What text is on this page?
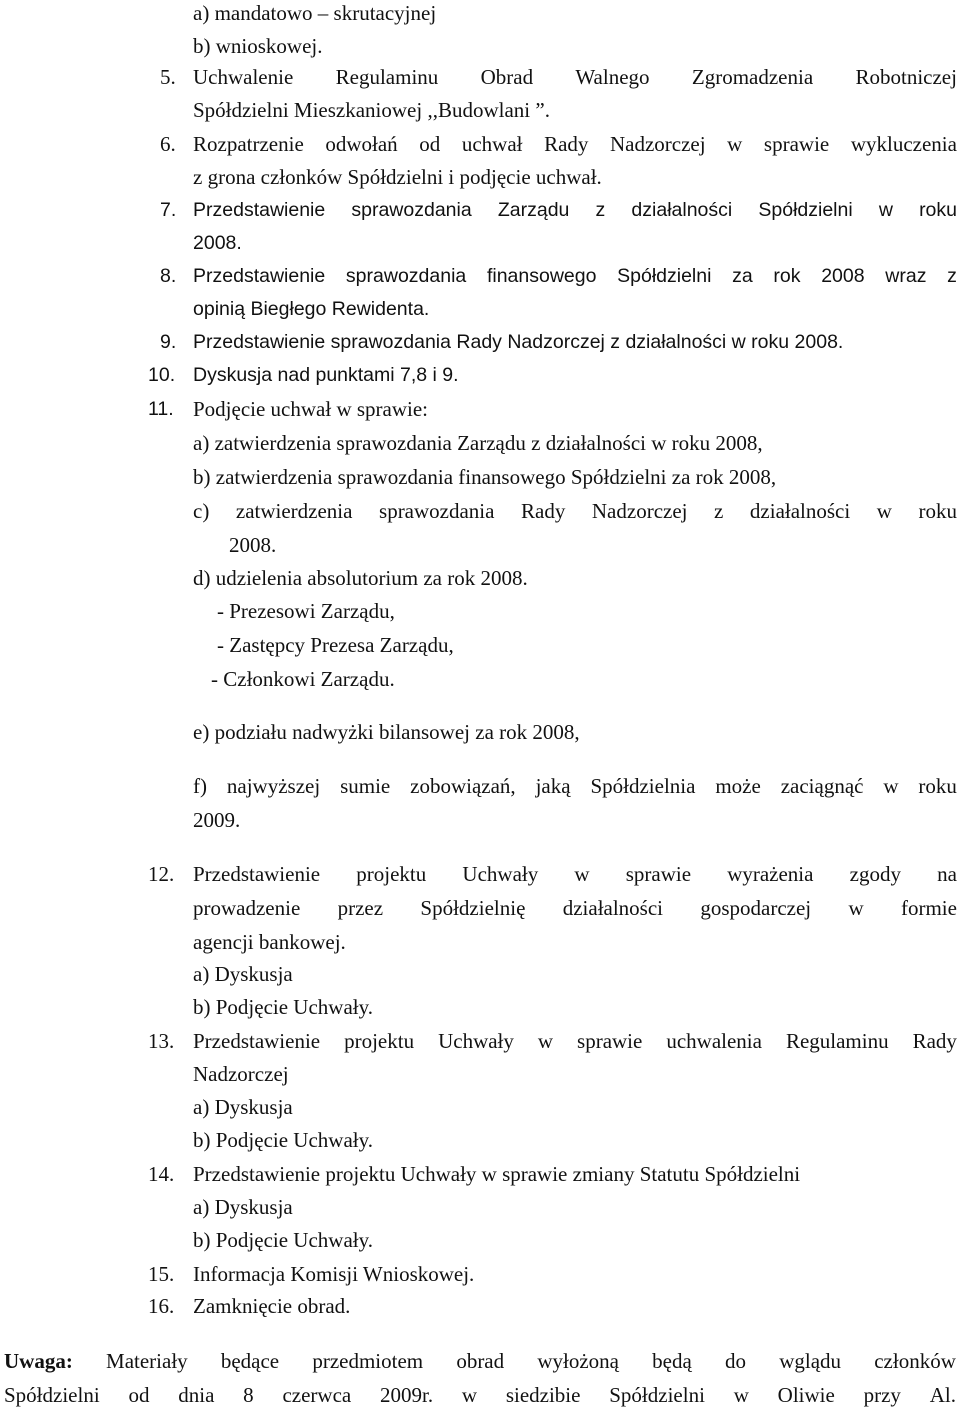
a) mandatowo – skrutacyjnej
b) wnioskowej.
5. Uchwalenie Regulaminu Obrad Walnego Zgromadzenia Robotniczej
Spółdzielni Mieszkaniowej ,,Budowlani ”.
6. Rozpatrzenie odwołań od uchwał Rady Nadzorczej w sprawie wykluczenia
z grona członków Spółdzielni i podjęcie uchwał.
7. Przedstawienie sprawozdania Zarządu z działalności Spółdzielni w roku
2008.
8. Przedstawienie sprawozdania finansowego Spółdzielni za rok 2008 wraz z
opinią Biegłego Rewidenta.
9. Przedstawienie sprawozdania Rady Nadzorczej z działalności w roku 2008.
10. Dyskusja nad punktami 7,8 i 9.
11. Podjęcie uchwał w sprawie:
a) zatwierdzenia sprawozdania Zarządu z działalności w roku 2008,
b) zatwierdzenia sprawozdania finansowego Spółdzielni za rok 2008,
c) zatwierdzenia sprawozdania Rady Nadzorczej z działalności w roku
2008.
d) udzielenia absolutorium za rok 2008.
- Prezesowi Zarządu,
- Zastępcy Prezesa Zarządu,
- Członkowi Zarządu.
e) podziału nadwyżki bilansowej za rok 2008,
f) najwyższej sumie zobowiązań, jaką Spółdzielnia może zaciągnąć w roku
2009.
12. Przedstawienie projektu Uchwały w sprawie wyrażenia zgody na
prowadzenie przez Spółdzielnię działalności gospodarczej w formie
agencji bankowej.
a) Dyskusja
b) Podjęcie Uchwały.
13. Przedstawienie projektu Uchwały w sprawie uchwalenia Regulaminu Rady
Nadzorczej
a) Dyskusja
b) Podjęcie Uchwały.
14. Przedstawienie projektu Uchwały w sprawie zmiany Statutu Spółdzielni
a) Dyskusja
b) Podjęcie Uchwały.
15. Informacja Komisji Wnioskowej.
16. Zamknięcie obrad.
Uwaga: Materiały będące przedmiotem obrad wyłożoną będą do wglądu członków
Spółdzielni od dnia 8 czerwca 2009r. w siedzibie Spółdzielni w Oliwie przy Al.
